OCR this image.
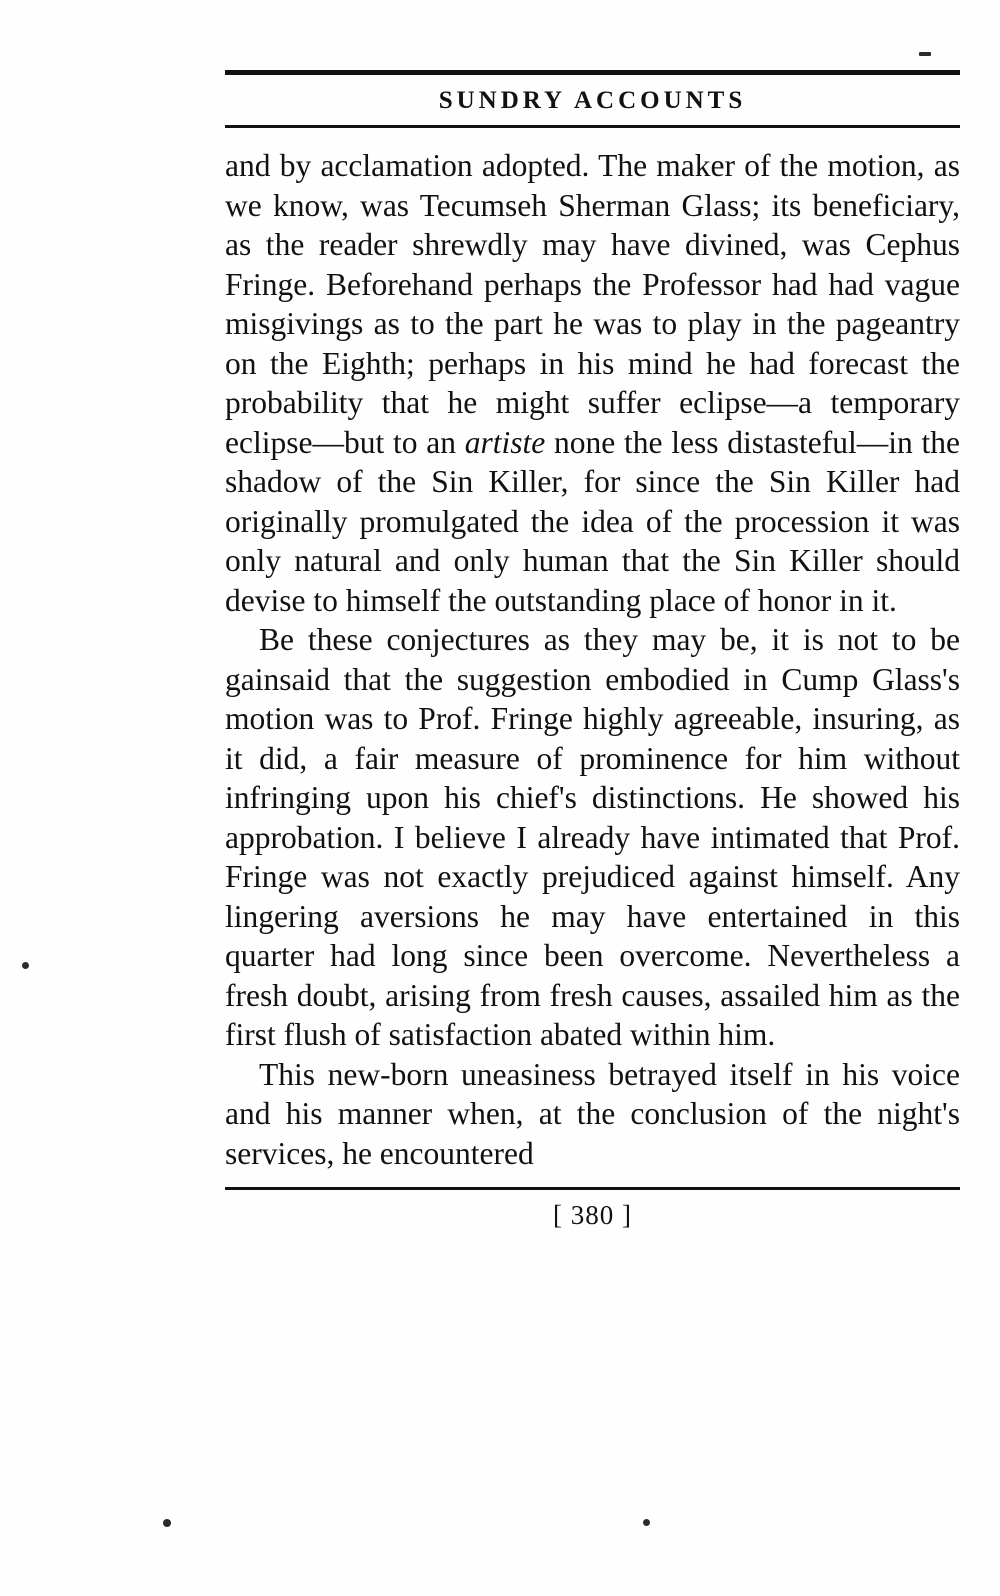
SUNDRY ACCOUNTS

and by acclamation adopted. The maker of the motion, as we know, was Tecumseh Sherman Glass; its beneficiary, as the reader shrewdly may have divined, was Cephus Fringe. Beforehand perhaps the Professor had had vague misgivings as to the part he was to play in the pageantry on the Eighth; perhaps in his mind he had forecast the probability that he might suffer eclipse—a temporary eclipse—but to an artiste none the less distasteful—in the shadow of the Sin Killer, for since the Sin Killer had originally promulgated the idea of the procession it was only natural and only human that the Sin Killer should devise to himself the outstanding place of honor in it.

Be these conjectures as they may be, it is not to be gainsaid that the suggestion embodied in Cump Glass's motion was to Prof. Fringe highly agreeable, insuring, as it did, a fair measure of prominence for him without infringing upon his chief's distinctions. He showed his approbation. I believe I already have intimated that Prof. Fringe was not exactly prejudiced against himself. Any lingering aversions he may have entertained in this quarter had long since been overcome. Nevertheless a fresh doubt, arising from fresh causes, assailed him as the first flush of satisfaction abated within him.

This new-born uneasiness betrayed itself in his voice and his manner when, at the conclusion of the night's services, he encountered

[ 380 ]
